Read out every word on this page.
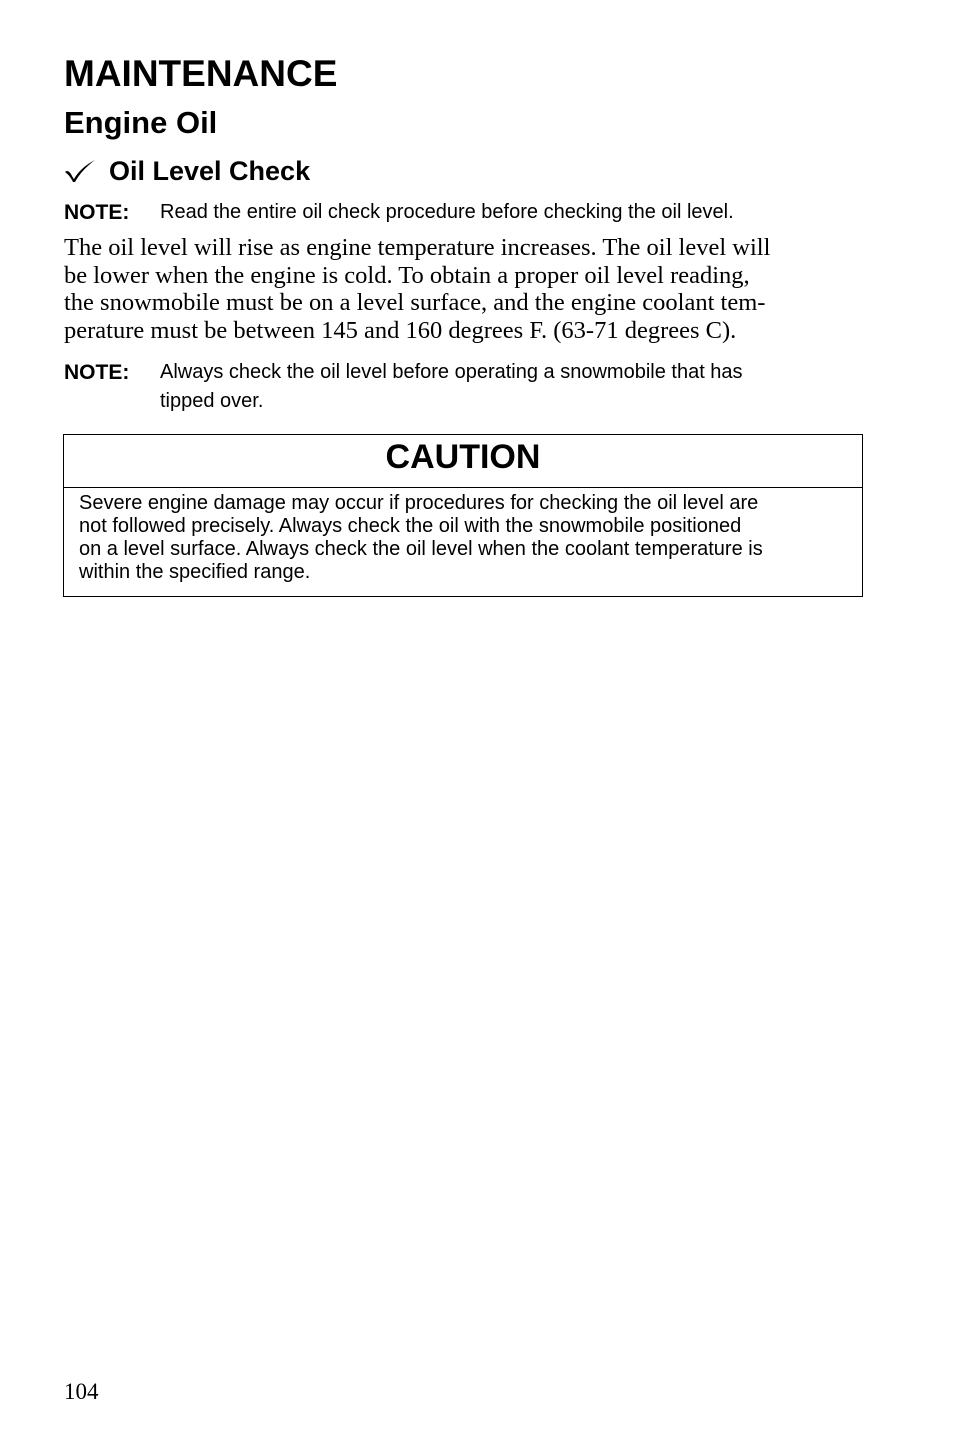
MAINTENANCE
Engine Oil
Oil Level Check
NOTE: Read the entire oil check procedure before checking the oil level.

The oil level will rise as engine temperature increases. The oil level will
be lower when the engine is cold. To obtain a proper oil level reading,
the snowmobile must be on a level surface, and the engine coolant tem-
perature must be between 145 and 160 degrees F. (63-71 degrees C).

NOTE: Always check the oil level before operating a snowmobile that has
tipped over.
CAUTION
Severe engine damage may occur if procedures for checking the oil level are
not followed precisely. Always check the oil with the snowmobile positioned
on a level surface. Always check the oil level when the coolant temperature is
within the specified range.
104
